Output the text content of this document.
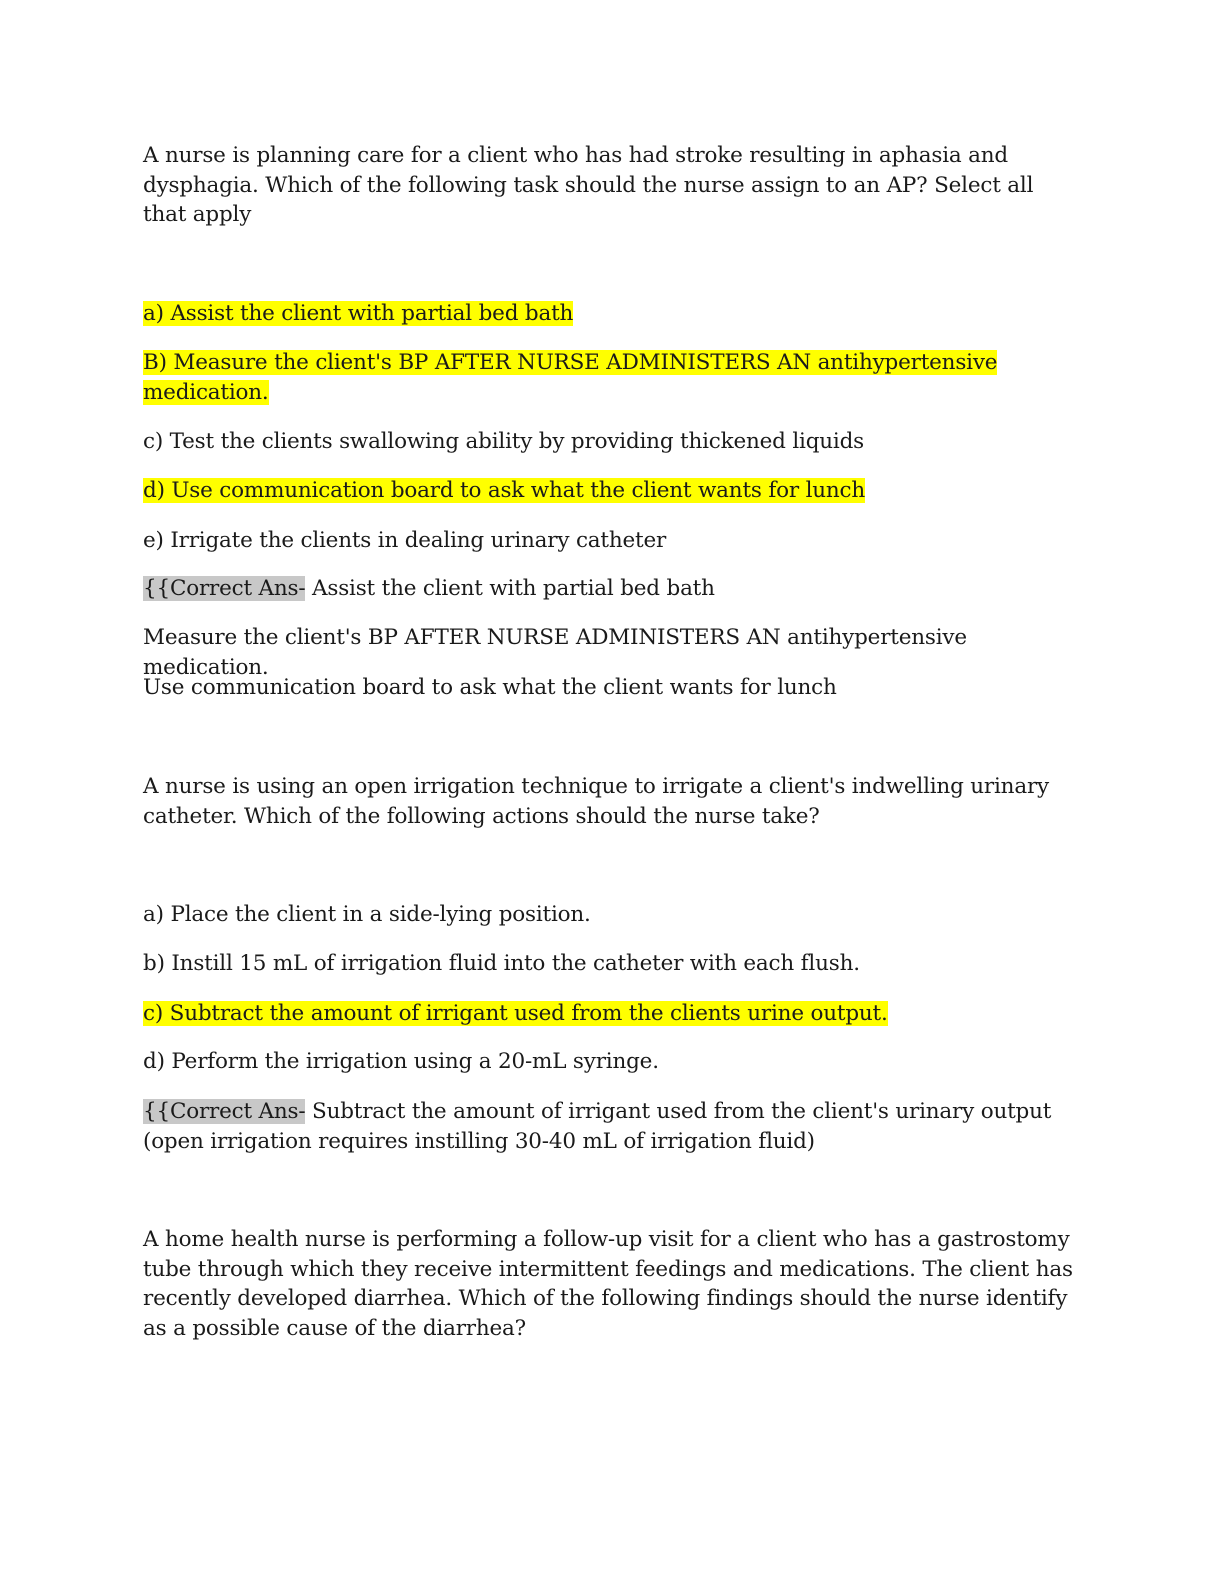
A nurse is planning care for a client who has had stroke resulting in aphasia and dysphagia. Which of the following task should the nurse assign to an AP? Select all that apply
a) Assist the client with partial bed bath
B) Measure the client's BP AFTER NURSE ADMINISTERS AN antihypertensive medication.
c) Test the clients swallowing ability by providing thickened liquids
d) Use communication board to ask what the client wants for lunch
e) Irrigate the clients in dealing urinary catheter
{{Correct Ans- Assist the client with partial bed bath
Measure the client's BP AFTER NURSE ADMINISTERS AN antihypertensive medication.
Use communication board to ask what the client wants for lunch
A nurse is using an open irrigation technique to irrigate a client's indwelling urinary catheter. Which of the following actions should the nurse take?
a) Place the client in a side-lying position.
b) Instill 15 mL of irrigation fluid into the catheter with each flush.
c) Subtract the amount of irrigant used from the clients urine output.
d) Perform the irrigation using a 20-mL syringe.
{{Correct Ans- Subtract the amount of irrigant used from the client's urinary output (open irrigation requires instilling 30-40 mL of irrigation fluid)
A home health nurse is performing a follow-up visit for a client who has a gastrostomy tube through which they receive intermittent feedings and medications. The client has recently developed diarrhea. Which of the following findings should the nurse identify as a possible cause of the diarrhea?
